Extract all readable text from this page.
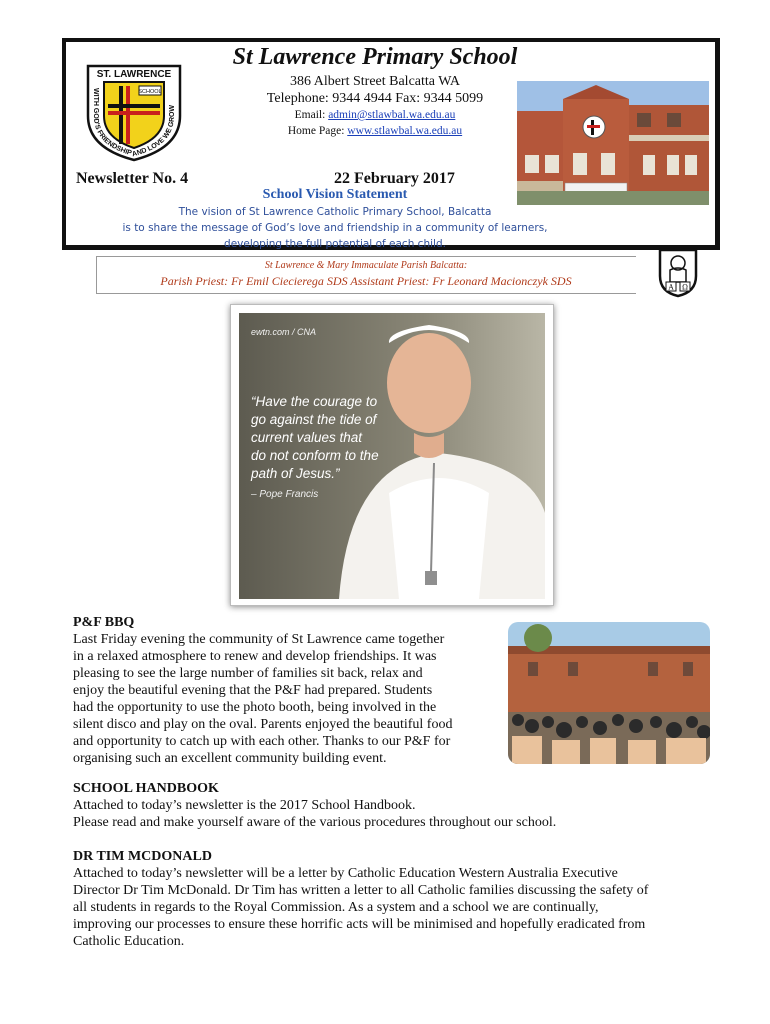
ST. LAWRENCE
SCHOOL
WITH GOD'S FRIENDSHIP AND LOVE WE GROW
St Lawrence Primary School
386 Albert Street Balcatta WA
Telephone: 9344 4944 Fax: 9344 5099
Email: admin@stlawbal.wa.edu.au
Home Page: www.stlawbal.wa.edu.au
Newsletter No. 4	22 February 2017
School Vision Statement
The vision of St Lawrence Catholic Primary School, Balcatta
is to share the message of God’s love and friendship in a community of learners,
developing the full potential of each child.
St Lawrence & Mary Immaculate Parish Balcatta:
Parish Priest: Fr Emil Ciecierega SDS Assistant Priest: Fr Leonard Macionczyk SDS	A Ω
ewtn.com / CNA
“Have the courage to
go against the tide of
current values that
do not conform to the
path of Jesus.”
– Pope Francis
P&F BBQ

Last Friday evening the community of St Lawrence came together

in a relaxed atmosphere to renew and develop friendships. It was

pleasing to see the large number of families sit back, relax and

enjoy the beautiful evening that the P&F had prepared. Students

had the opportunity to use the photo booth, being involved in the

silent disco and play on the oval. Parents enjoyed the beautiful food

and opportunity to catch up with each other. Thanks to our P&F for

organising such an excellent community building event.

SCHOOL HANDBOOK

Attached to today’s newsletter is the 2017 School Handbook.

Please read and make yourself aware of the various procedures throughout our school.

DR TIM MCDONALD

Attached to today’s newsletter will be a letter by Catholic Education Western Australia Executive

Director Dr Tim McDonald. Dr Tim has written a letter to all Catholic families discussing the safety of

all students in regards to the Royal Commission. As a system and a school we are continually,

improving our processes to ensure these horrific acts will be minimised and hopefully eradicated from

Catholic Education.
